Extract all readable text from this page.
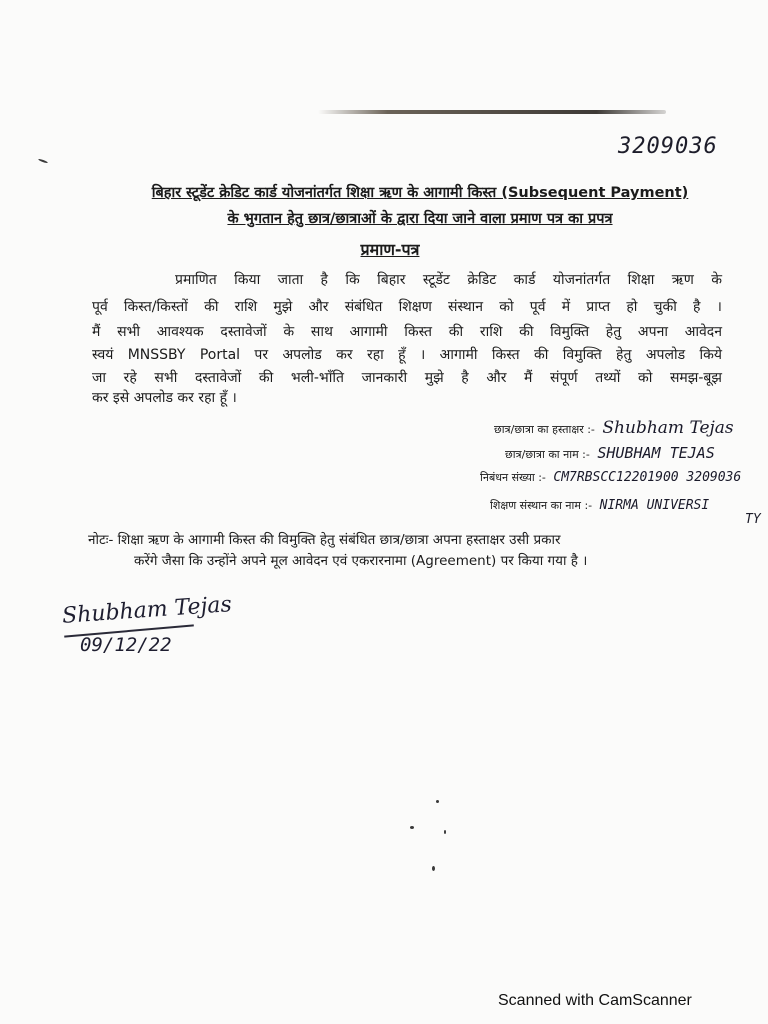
3209036
बिहार स्टूडेंट क्रेडिट कार्ड योजनांतर्गत शिक्षा ऋण के आगामी किस्त (Subsequent Payment)
के भुगतान हेतु छात्र/छात्राओं के द्वारा दिया जाने वाला प्रमाण पत्र का प्रपत्र
प्रमाण-पत्र
प्रमाणित किया जाता है कि बिहार स्टूडेंट क्रेडिट कार्ड योजनांतर्गत शिक्षा ऋण के
पूर्व किस्त/किस्तों की राशि मुझे और संबंधित शिक्षण संस्थान को पूर्व में प्राप्त हो चुकी है ।
मैं सभी आवश्यक दस्तावेजों के साथ आगामी किस्त की राशि की विमुक्ति हेतु अपना आवेदन
स्वयं MNSSBY Portal पर अपलोड कर रहा हूँ । आगामी किस्त की विमुक्ति हेतु अपलोड किये
जा रहे सभी दस्तावेजों की भली-भाँति जानकारी मुझे है और मैं संपूर्ण तथ्यों को समझ-बूझ
कर इसे अपलोड कर रहा हूँ ।
छात्र/छात्रा का हस्ताक्षर :- Shubham Tejas
छात्र/छात्रा का नाम :- SHUBHAM TEJAS
निबंधन संख्या :- CM7RBSCC12201900 3209036
शिक्षण संस्थान का नाम :- NIRMA UNIVERSI
TY
नोटः- शिक्षा ऋण के आगामी किस्त की विमुक्ति हेतु संबंधित छात्र/छात्रा अपना हस्ताक्षर उसी प्रकार
करेंगे जैसा कि उन्होंने अपने मूल आवेदन एवं एकरारनामा (Agreement) पर किया गया है ।
Shubham Tejas
09/12/22
Scanned with CamScanner
